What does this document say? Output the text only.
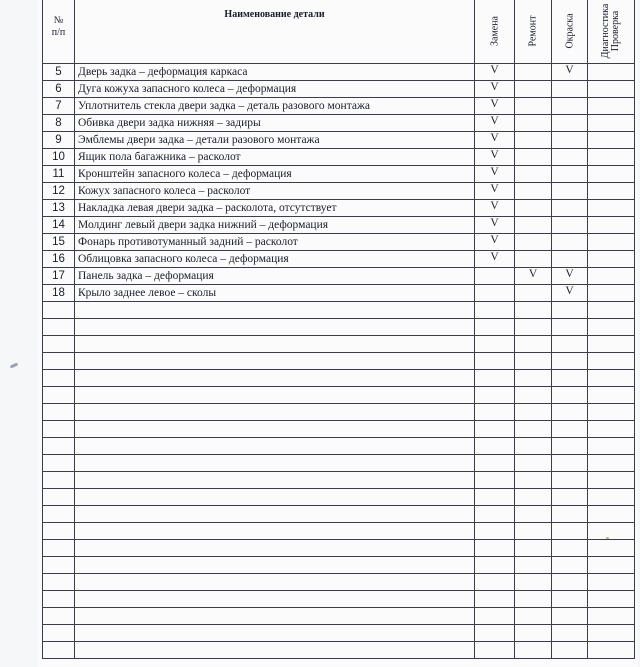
№
п/п	Наименование детали	Замена	Ремонт	Окраска	Диагностика
Проверка

5	Дверь задка – деформация каркаса	V		V	
6	Дуга кожуха запасного колеса – деформация	V			
7	Уплотнитель стекла двери задка – деталь разового монтажа	V			
8	Обивка двери задка нижняя – задиры	V			
9	Эмблемы двери задка – детали разового монтажа	V			
10	Ящик пола багажника – расколот	V			
11	Кронштейн запасного колеса – деформация	V			
12	Кожух запасного колеса – расколот	V			
13	Накладка левая двери задка – расколота, отсутствует	V			
14	Молдинг левый двери задка нижний – деформация	V			
15	Фонарь противотуманный задний – расколот	V			
16	Облицовка запасного колеса – деформация	V			
17	Панель задка – деформация		V	V	
18	Крыло заднее левое – сколы			V	
